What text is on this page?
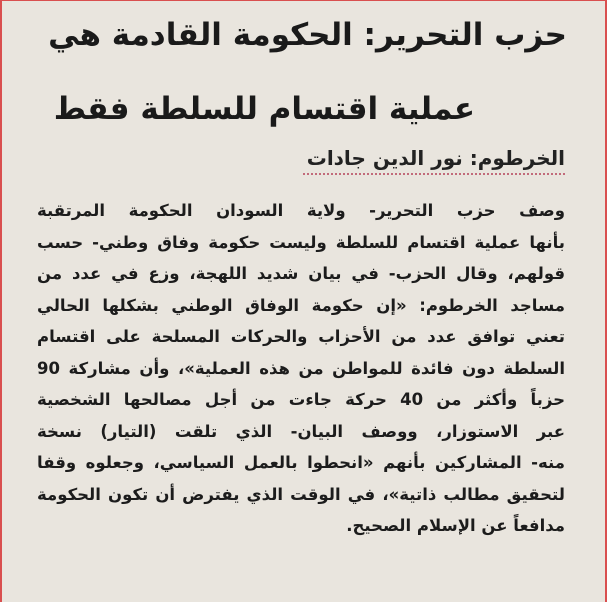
حزب التحرير: الحكومة القادمة هي
عملية اقتسام للسلطة فقط
الخرطوم: نور الدين جادات
وصف حزب التحرير- ولاية السودان الحكومة المرتقبة
بأنها عملية اقتسام للسلطة وليست حكومة وفاق وطني- حسب
قولهم، وقال الحزب- في بيان شديد اللهجة، وزع في عدد من
مساجد الخرطوم: «إن حكومة الوفاق الوطني بشكلها الحالي
تعني توافق عدد من الأحزاب والحركات المسلحة على اقتسام
السلطة دون فائدة للمواطن من هذه العملية»، وأن مشاركة 90
حزباً وأكثر من 40 حركة جاءت من أجل مصالحها الشخصية
عبر الاستوزار، ووصف البيان- الذي تلقت (التيار) نسخة
منه- المشاركين بأنهم «انحطوا بالعمل السياسي، وجعلوه وقفا
لتحقيق مطالب ذاتية»، في الوقت الذي يفترض أن تكون الحكومة
مدافعاً عن الإسلام الصحيح.
